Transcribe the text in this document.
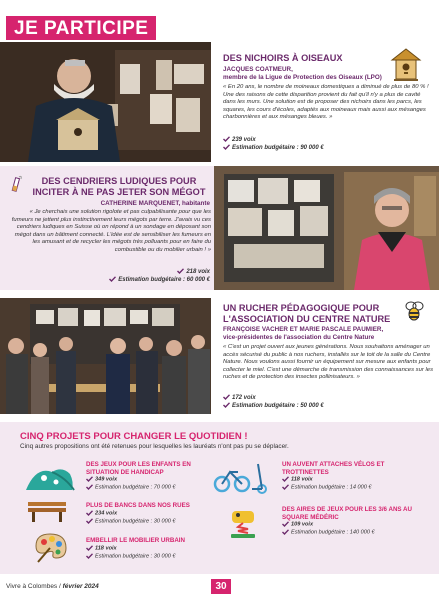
JE PARTICIPE
DES NICHOIRS À OISEAUX
JACQUES COATMEUR,
membre de la Ligue de Protection des Oiseaux (LPO)
« En 20 ans, le nombre de moineaux domestiques a diminué de plus de 80 % ! Une des raisons de cette disparition provient du fait qu'il n'y a plus de cavité dans les murs. Une solution est de proposer des nichoirs dans les parcs, les squares, les cours d'écoles, adaptés aux moineaux mais aussi aux mésanges charbonnières et aux mésanges bleues. »
239 voix
Estimation budgétaire : 90 000 €
DES CENDRIERS LUDIQUES POUR INCITER À NE PAS JETER SON MÉGOT
CATHERINE MARQUENET, habitante
« Je cherchais une solution rigolote et pas culpabilisante pour que les fumeurs ne jettent plus instinctivement leurs mégots par terre. J'avais vu ces cendriers ludiques en Suisse où on répond à un sondage en déposant son mégot dans un bâtiment connecté. L'idée est de sensibiliser les fumeurs en les amusant et de recycler les mégots très polluants pour en faire du combustible ou du mobilier urbain ! »
218 voix
Estimation budgétaire : 60 000 €
UN RUCHER PÉDAGOGIQUE POUR L'ASSOCIATION DU CENTRE NATURE
FRANÇOISE VACHER ET MARIE PASCALE PAUMIER,
vice-présidentes de l'association du Centre Nature
« C'est un projet ouvert aux jeunes générations. Nous souhaitons aménager un accès sécurisé du public à nos ruchers, installés sur le toit de la salle du Centre Nature. Nous voulons aussi fournir un équipement sur mesure aux enfants pour collecter le miel. C'est une démarche de transmission des connaissances sur les ruches et de protection des insectes pollinisateurs. »
172 voix
Estimation budgétaire : 50 000 €
CINQ PROJETS POUR CHANGER LE QUOTIDIEN !
Cinq autres propositions ont été retenues pour lesquelles les lauréats n'ont pas pu se déplacer.
DES JEUX POUR LES ENFANTS EN SITUATION DE HANDICAP
349 voix
Estimation budgétaire : 70 000 €
UN AUVENT ATTACHES VÉLOS ET TROTTINETTES
118 voix
Estimation budgétaire : 14 000 €
PLUS DE BANCS DANS NOS RUES
234 voix
Estimation budgétaire : 30 000 €
DES AIRES DE JEUX POUR LES 3/6 ANS AU SQUARE MÉDÉRIC
109 voix
Estimation budgétaire : 140 000 €
EMBELLIR LE MOBILIER URBAIN
118 voix
Estimation budgétaire : 30 000 €
Vivre à Colombes / février 2024	30
